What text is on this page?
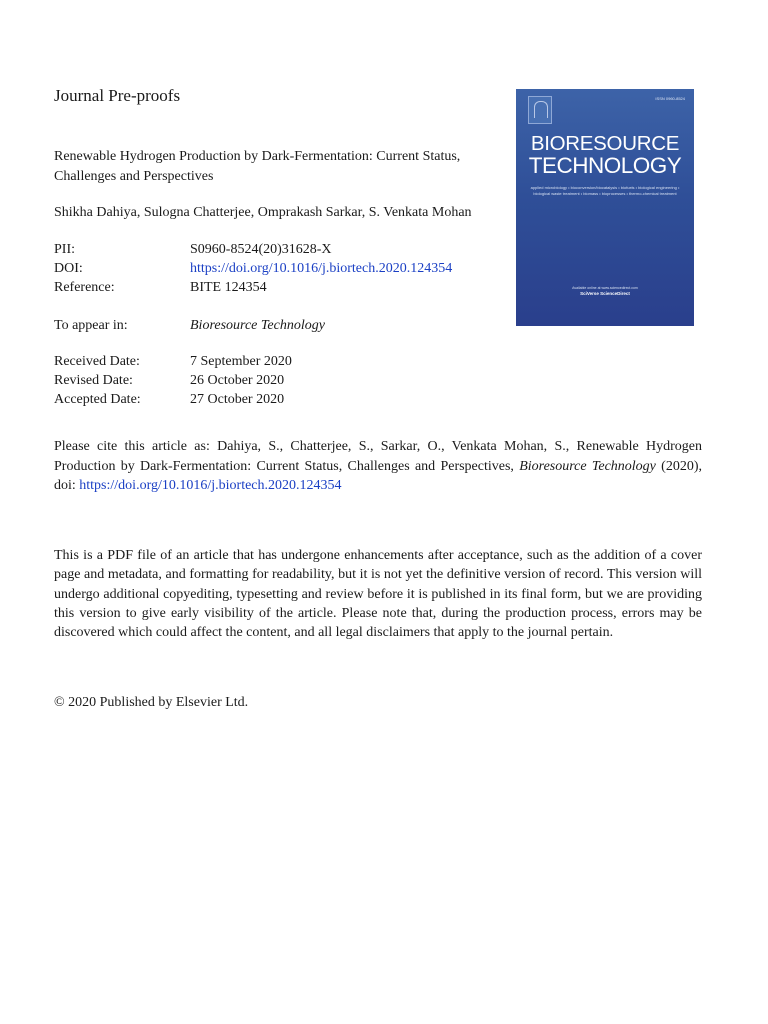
Journal Pre-proofs

Renewable Hydrogen Production by Dark-Fermentation: Current Status, Challenges and Perspectives

Shikha Dahiya, Sulogna Chatterjee, Omprakash Sarkar, S. Venkata Mohan

PII:	S0960-8524(20)31628-X
DOI:	https://doi.org/10.1016/j.biortech.2020.124354
Reference:	BITE 124354
To appear in:	Bioresource Technology
Received Date:	7 September 2020
Revised Date:	26 October 2020
Accepted Date:	27 October 2020

Please cite this article as: Dahiya, S., Chatterjee, S., Sarkar, O., Venkata Mohan, S., Renewable Hydrogen Production by Dark-Fermentation: Current Status, Challenges and Perspectives, Bioresource Technology (2020), doi: https://doi.org/10.1016/j.biortech.2020.124354

This is a PDF file of an article that has undergone enhancements after acceptance, such as the addition of a cover page and metadata, and formatting for readability, but it is not yet the definitive version of record. This version will undergo additional copyediting, typesetting and review before it is published in its final form, but we are providing this version to give early visibility of the article. Please note that, during the production process, errors may be discovered which could affect the content, and all legal disclaimers that apply to the journal pertain.

© 2020 Published by Elsevier Ltd.

ISSN 0960-8524
BIORESOURCE
TECHNOLOGY
applied microbiology • bioconversion/biocatalysis • biofuels • biological engineering • biological waste treatment • biomass • bioprocesses • thermo-chemical treatment
Available online at www.sciencedirect.com
SciVerse ScienceDirect
